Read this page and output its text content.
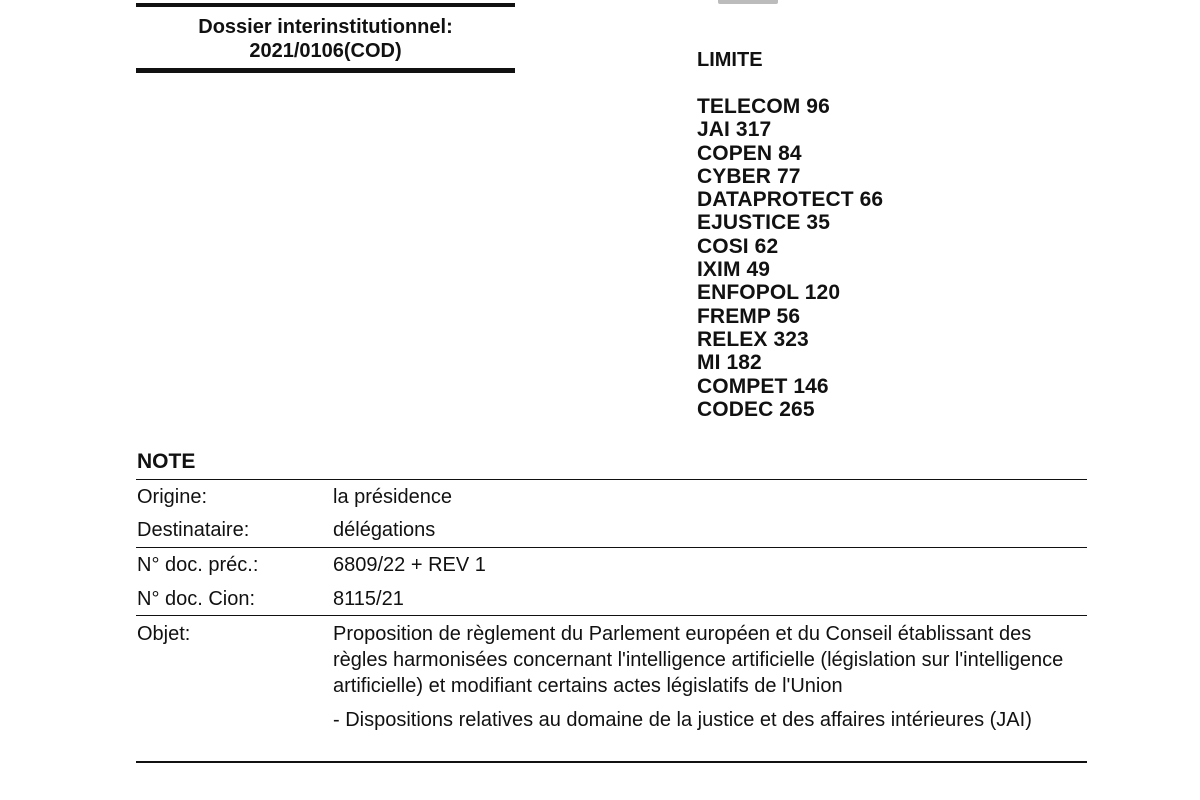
Dossier interinstitutionnel:
2021/0106(COD)	LIMITE
TELECOM 96
JAI 317
COPEN 84
CYBER 77
DATAPROTECT 66
EJUSTICE 35
COSI 62
IXIM 49
ENFOPOL 120
FREMP 56
RELEX 323
MI 182
COMPET 146
CODEC 265
NOTE
Origine:	la présidence
Destinataire:	délégations
N° doc. préc.:	6809/22 + REV 1
N° doc. Cion:	8115/21
Objet:	Proposition de règlement du Parlement européen et du Conseil établissant des règles harmonisées concernant l'intelligence artificielle (législation sur l'intelligence artificielle) et modifiant certains actes législatifs de l'Union

- Dispositions relatives au domaine de la justice et des affaires intérieures (JAI)
